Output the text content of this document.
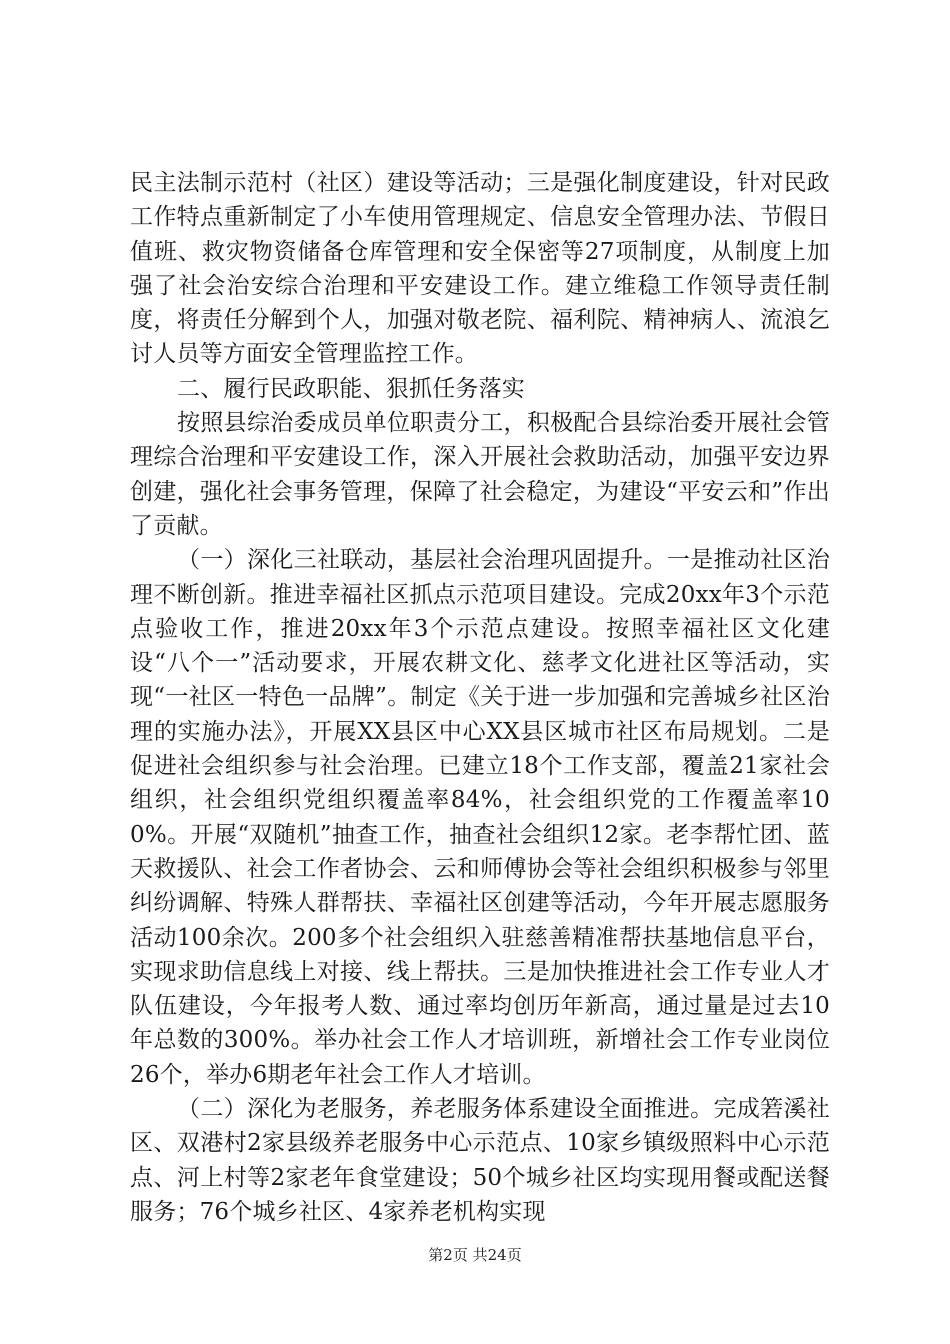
民主法制示范村（社区）建设等活动；三是强化制度建设，针对民政工作特点重新制定了小车使用管理规定、信息安全管理办法、节假日值班、救灾物资储备仓库管理和安全保密等27项制度，从制度上加强了社会治安综合治理和平安建设工作。建立维稳工作领导责任制度，将责任分解到个人，加强对敬老院、福利院、精神病人、流浪乞讨人员等方面安全管理监控工作。

二、履行民政职能、狠抓任务落实

按照县综治委成员单位职责分工，积极配合县综治委开展社会管理综合治理和平安建设工作，深入开展社会救助活动，加强平安边界创建，强化社会事务管理，保障了社会稳定，为建设“平安云和”作出了贡献。

（一）深化三社联动，基层社会治理巩固提升。一是推动社区治理不断创新。推进幸福社区抓点示范项目建设。完成20xx年3个示范点验收工作，推进20xx年3个示范点建设。按照幸福社区文化建设“八个一”活动要求，开展农耕文化、慈孝文化进社区等活动，实现“一社区一特色一品牌”。制定《关于进一步加强和完善城乡社区治理的实施办法》，开展XX县区中心XX县区城市社区布局规划。二是促进社会组织参与社会治理。已建立18个工作支部，覆盖21家社会组织，社会组织党组织覆盖率84%，社会组织党的工作覆盖率100%。开展“双随机”抽查工作，抽查社会组织12家。老李帮忙团、蓝天救援队、社会工作者协会、云和师傅协会等社会组织积极参与邻里纠纷调解、特殊人群帮扶、幸福社区创建等活动，今年开展志愿服务活动100余次。200多个社会组织入驻慈善精准帮扶基地信息平台，实现求助信息线上对接、线上帮扶。三是加快推进社会工作专业人才队伍建设，今年报考人数、通过率均创历年新高，通过量是过去10年总数的300%。举办社会工作人才培训班，新增社会工作专业岗位26个，举办6期老年社会工作人才培训。

（二）深化为老服务，养老服务体系建设全面推进。完成箬溪社区、双港村2家县级养老服务中心示范点、10家乡镇级照料中心示范点、河上村等2家老年食堂建设；50个城乡社区均实现用餐或配送餐服务；76个城乡社区、4家养老机构实现

第2页 共24页
